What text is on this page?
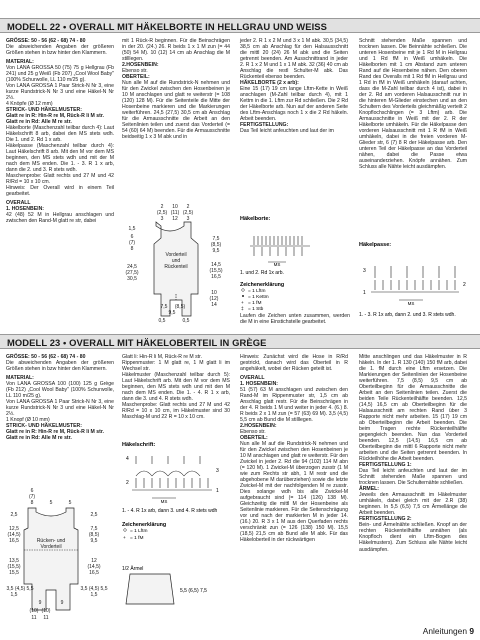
MODELL 22 • OVERALL MIT HÄKELBORTE IN HELLGRAU UND WEISS

GRÖSSE: 50 - 56 (62 - 68) 74 - 80

Die abweichenden Angaben der größeren Größen stehen in bzw hinter den Klammern.

MATERIAL:

Von LANA GROSSA 50 (75) 75 g Hellgrau (Fb 241) und 25 g Weiß (Fb 207) „Cool Wool Baby" (100% Schurwolle, LL 110 m/25 g).

Von LANA GROSSA 1 Paar Strick-N Nr 3, eine kurze Rundstrick-N Nr 3 und eine Häkel-N Nr 2½.

4 Knöpfe (Ø 12 mm)

STRICK- UND HÄKELMUSTER:

Glatt re in R: Hin-R re M, Rück-R li M str.

Glatt re in Rd: Alle M re str.

Häkelborte (Maschenzahl teilbar durch 4): Laut Häkelschrift 8 arb, dabei den MS stets wdh. Die 1. und 2. Rd 1 x arb.

Häkelpasse (Maschenzahl teilbar durch 4): Laut Häkelschrift 8 arb. Mit den M vor dem MS beginnen, den MS stets wdh und mit der M nach dem MS enden. Die 1. - 3. R 1 x arb, dann die 2. und 3. R stets wdh.

Maschenprobe: Glatt rechts und 27 M und 42 R/Rd = 10 x 10 cm.

Hinweis: Der Overall wird in einem Teil gearbeitet.

OVERALL

1. HOSENBEIN:

42 (48) 52 M in Hellgrau anschlagen und zwischen den Rand-M glatt re str, dabei

mit 1 Rück-R beginnen. Für die Beinschrägen in der 20. (24.) 26. R beids 1 x 1 M zun (= 44 (50) 54 M). 10 (12) 14 cm ab Anschlag die M stilllegen.

2.HOSENBEIN:

Ebenso str.

OBERTEIL:

Nun alle M auf die Rundstrick-N nehmen und für den Zwickel zwischen den Hosenbeinen je 10 M anschlagen und glatt re weiterstr (= 108 (120) 128 M). Für die Seitenteile die Mitte der Hosenbeine markieren und die Markierungen weiterführen. 24,5 (27,5) 30,5 cm ab Anschlag für die Armausschnitte die Arbeit an den Seitenlinien teilen und zuerst das Vorderteil (= 54 (60) 64 M) beenden. Für die Armausschnitte beidseitig 1 x 3 M abk und in

jeder 2. R 1 x 2 M und 3 x 1 M abk. 30,5 (34,5) 38,5 cm ab Anschlag für den Halsausschnitt die mittl 20 (24) 26 M abk und die Seiten getrennt beenden. Am Ausschnittrand in jeder 2. R 1 x 2 M und 1 x 1 M abk. 32 (36) 40 cm ab Anschlag die restl Schulter-M abk. Das Rückenteil ebenso beenden.

HÄKELBORTE (2 x arb):

Eine 15 (17) 19 cm lange Lftm-Kette in Weiß anschlagen (M-Zahl teilbar durch 4), mit 1 Kettm in die 1. Lftm zur Rd schließen. Die 2 Rd der Häkelborte arb. Nun auf der anderen Seite des Lftm-Anschlags noch 1 x die 2 Rd häkeln. Arbeit beenden.

FERTIGSTELLUNG:

Das Teil leicht anfeuchten und laut der im

Schnitt stehenden Maße spannen und trocknen lassen. Die Beinnähte schließen. Die unteren Hosenbeine mit je 1 Rd M in Hellgrau und 1 Rd fM in Weiß umhäkeln. Die Häkelborten mit 1 cm Abstand zum unteren Rand auf die Hosenbeine nähen. Den oberen Rand des Overalls mit 1 Rd fM in Hellgrau und 1 Rd in fM in Weiß umhäkeln (darauf achten, dass die M-Zahl teilbar durch 4 ist), dabei in der 2. Rd am vorderen Halsausschnitt nur in die hinteren M-Glieder einstechen und an den Schultern des Vorderteils gleichmäßig verteilt 2 Knopflochschlingen (= 3 Lftm) arb. Die Armausschnitte in Weiß mit der 2. R der Häkelborte umhäkeln. Für die Häkelpasse den vorderen Halsausschnitt mit 1 R fM in Weiß umhäkeln, dabei in die freien vorderen M-Glieder str, 6 (7) 8 R der Häkelpasse arb. Den unteren Teil der Häkelpasse an das Vorderteil nähen, dabei die Passe etwa auseinanderziehen. Knöpfe annähen. Zum Schluss alle Nähte leicht ausdämpfen.

2 10 2
(2,5) (11) (2,5)
3 12 3
1,5
6
(7)
8
24,5
(27,5)
30,5
Vorderteil
und
Rückenteil
7,5
(8,5)
9,5
14,5
(15,5)
16,5
10
(12)
14
7,5 (8,5)
9,5
0,5	0,5
Häkelborte:
MS
1. und 2. Rd 1x arb.
Zeichenerklärung
= 1 Lftm
= 1 Kettm
+ = 1 fM
‡ = 1 Stb
Laufen die Zeichen unten zusammen, werden die M in eine Einstichstelle gearbeitet.
Häkelpasse:
3
2
1
MS
1. - 3. R 1x arb, dann 2. und 3. R stets wdh.
MODELL 23 • OVERALL MIT HÄKELOBERTEIL IN GRÈGE

GRÖSSE: 50 - 56 (62 - 68) 74 - 80

Die abweichenden Angaben der größeren Größen stehen in bzw hinter den Klammern.

MATERIAL:

Von LANA GROSSA 100 (100) 125 g Grège (Fb 212) „Cool Wool Baby" (100% Schurwolle, LL 110 m/25 g).

Von LANA GROSSA 1 Paar Strick-N Nr 3, eine kurze Rundstrick-N Nr 3 und eine Häkel-N Nr 2½.

1 Knopf (Ø 10 mm)

STRICK- UND HÄKELMUSTER:

Glatt re in R: Hin-R re M, Rück-R li M str.

Glatt re in Rd: Alle M re str.

Glatt li: Hin-R li M, Rück-R re M str.

Rippenmuster: 1 M glatt re, 1 M glatt li im Wechsel str.

Häkelmuster (Maschenzahl teilbar durch 5): Laut Häkelschrift arb. Mit den M vor dem MS beginnen, den MS stets wdh und mit den M nach dem MS enden. Die 1. - 4. R 1 x arb, dann die 3. und 4. R stets wdh.

Maschenprobe: Glatt rechts und 27 M und 42 R/Rd = 10 x 10 cm, im Häkelmuster sind 30 Maschlag-M und 22 R = 10 x 10 cm.

Hinweis: Zunächst wird die Hose in R/Rd gestrickt, danach wird das Oberteil in R angehäkelt, wobei der Rücken geteilt ist.

OVERALL

1. HOSENBEIN:

51 (57) 63 M anschlagen und zwischen den Rand-M im Rippenmuster str, 1,5 cm ab Anschlag glatt restr. Für die Beinschrägen in der 4. R beids 1 M und weiter in jeder 4. (6.) 8. R beids 2 x 1 M zun (= 57 (63) 69 M). 3,5 (4,5) 5,5 cm ab Bund die M stilllegen.

2.HOSENBEIN:

Ebenso str.

OBERTEIL:

Nun alle M auf die Rundstrick-N nehmen und für den Zwickel zwischen den Hosenbeinen je 10 M anschlagen und glatt re weiterstr. Für den Zwickel in jeder 2. Rd die 94 (102) 114 M abn (= 120 M). 1 Zwickel-M überzogen zusstr (1 M wie zum Rechts str abh, 1 M restr und die abgehobene M darüberziehen) sowie die letzte Zwickel-M mit der nachfolgenden M re zusstr. Dies solange wdh bis alle Zwickel-M aufgebraucht sind (= 114 (126) 138 M). Gleichzeitig die mittl M der Hosenbeine als Seitenlinie markieren. Für die Seitenschrägung vor und nach der markierten M in jeder 14. (16.) 20. R 3 x 1 M aus den Querfaden rechts verschränkt zun (= 126 (138) 150 M). 15,5 (18,5) 21,5 cm ab Bund alle M abk. Für das Häkeloberteil in der rückwärtigen

Mitte anschlingen und das Häkelmuster in R häkeln. In der 1. R 130 (140) 150 fM arb, dabei die 1. fM durch eine Lftm ersetzen. Die Markierungen der Seitenlinien der Hosenbeine weiterführen. 7,5 (8,5) 9,5 cm ab Oberteilbeginn für die Armausschnitte die Arbeit an den Seitenlinien teilen. Zuerst die beiden Teile Rückenteilhälfte beenden. 12,5 (14,5) 16,5 cm ab Oberteilbeginn für die Halsausschnitt am rechten Rand über 3 Rapporte nicht mehr arbeiten. 15 (17) 19 cm ab Oberteilbeginn die Arbeit beenden. Die beim Tragen rechte Rückenteilhälfte gegengleich beenden. Nun das Vorderteil beenden. 12,5 (14,5) 16,5 cm ab Oberteilbeginn die mittl 6 Rapporte nicht mehr arbeiten und die Seiten getrennt beenden. In Rückteilhöhe die Arbeit beenden.

FERTIGSTELLUNG 1:

Das Teil leicht anfeuchten und laut der im Schnitt stehenden Maße spannen und trocknen lassen. Die Schulternähte schließen.

ÄRMEL:

Jeweils den Armausschnitt im Häkelmuster umhäkeln, dabei gleich mit der 2.R (38) beginnen. In 5,5 (6,5) 7,5 cm Ärmellänge die Arbeit beenden.

FERTIGSTELLUNG 2:

Bein- und Ärmelnähte schließen. Knopf an der rechten Rückenteilhälfte annähen (als Knopfloch dient ein Lftm-Bogen des Häkelmusters). Zum Schluss alle Nähte leicht ausdämpfen.

6
(7)
8	5	5
2,5
12,5
(14,5)
16,5
13,5
(15,5)
15,5
3,5 (4,5) 5,5
1,5
Rücken- und
Vorderteil
2,5
7,5
(8,5)
9,5
12
(14,5)
16,5
3,5 (4,5) 5,5
1,5
9	9
(10) (10)
11 11
Häkelschrift:
4
3
2
1
MS
1. - 4. R 1x arb, dann 3. und 4. R stets wdh
Zeichenerklärung
= 1 Lftm
+ = 1 fM
1/2 Ärmel
5,5 (6,5) 7,5
Anleitungen 9
